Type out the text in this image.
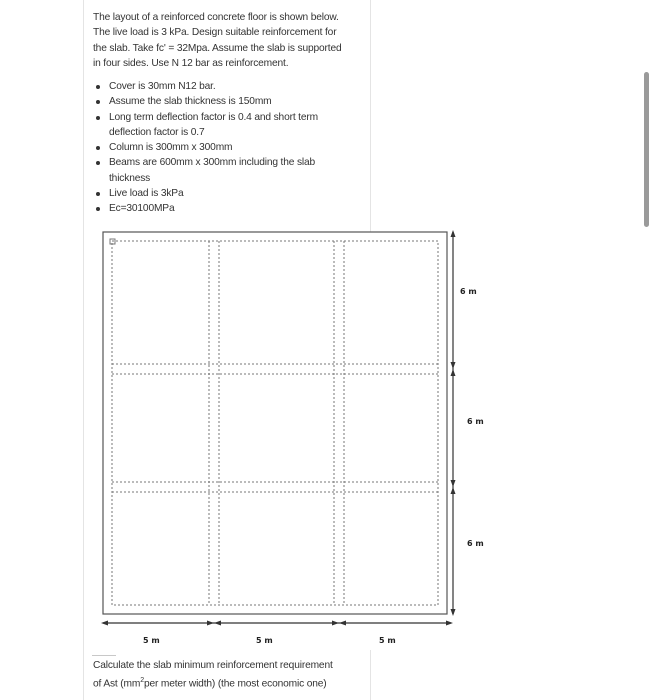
The layout of a reinforced concrete floor is shown below.
The live load is 3 kPa. Design suitable reinforcement for
the slab. Take fc' = 32Mpa. Assume the slab is supported
in four sides. Use N 12 bar as reinforcement.
Cover is 30mm N12 bar.
Assume the slab thickness is 150mm
Long term deflection factor is 0.4 and short term
deflection factor is 0.7
Column is 300mm x 300mm
Beams are 600mm x 300mm including the slab
thickness
Live load is 3kPa
Ec=30100MPa
6 m
6 m
6 m
5 m	5 m	5 m
Calculate the slab minimum reinforcement requirement
of Ast ($mm^2per$ meter width) (the most economic one)
